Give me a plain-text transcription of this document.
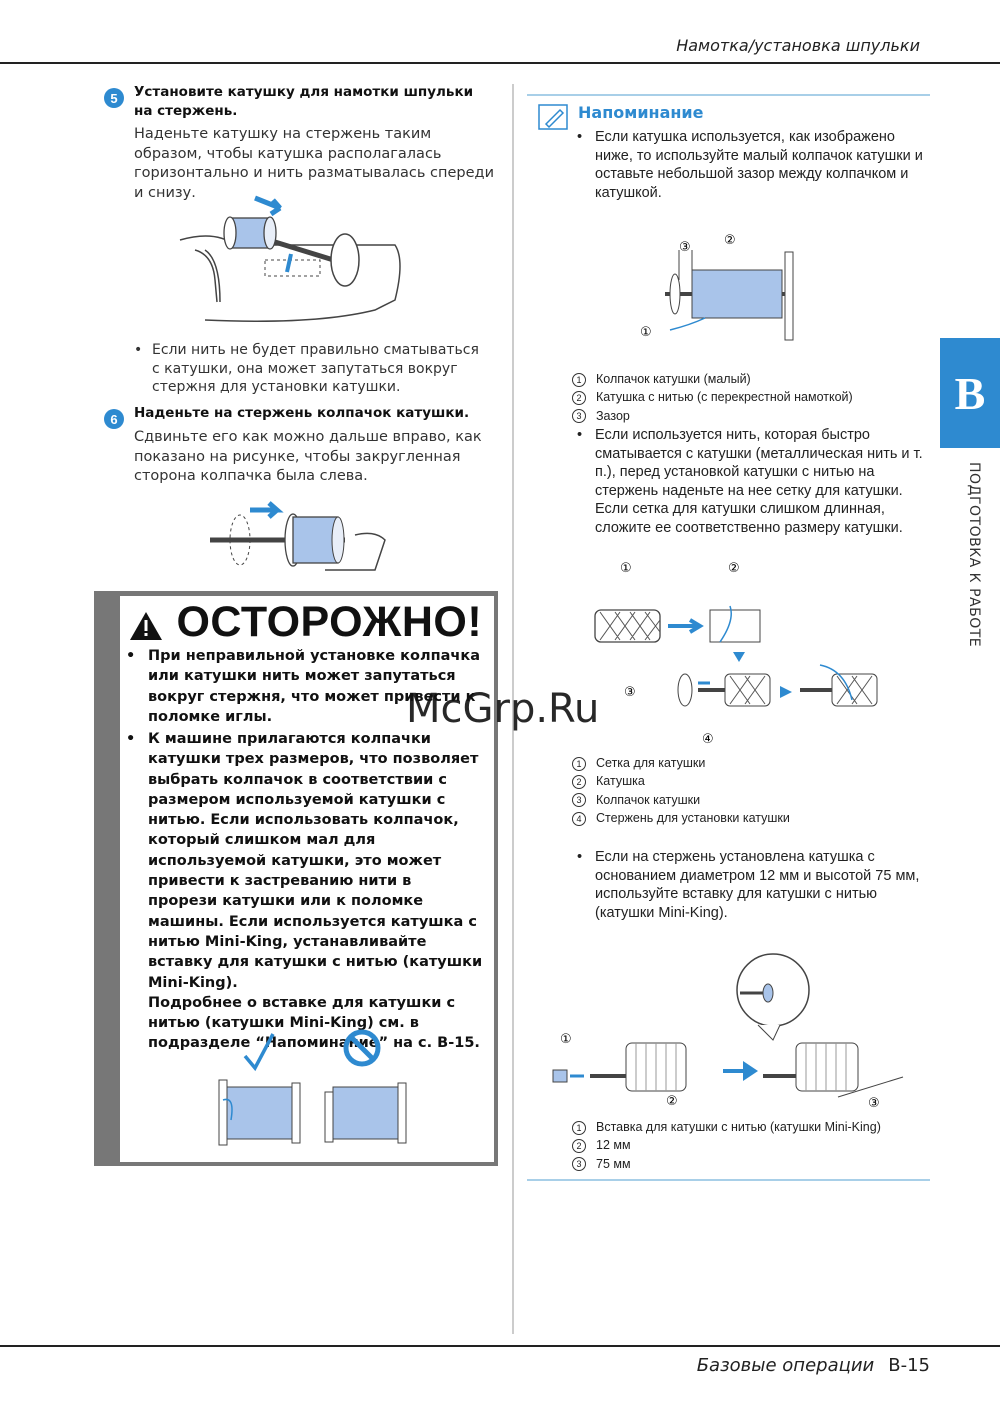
Намотка/установка шпульки
5	Установите катушку для намотки шпульки на стержень.
Наденьте катушку на стержень таким образом, чтобы катушка располагалась горизонтально и нить разматывалась спереди и снизу.
• Если нить не будет правильно сматываться с катушки, она может запутаться вокруг стержня для установки катушки.
6	Наденьте на стержень колпачок катушки.
Сдвиньте его как можно дальше вправо, как показано на рисунке, чтобы закругленная сторона колпачка была слева.
ОСТОРОЖНО!
• При неправильной установке колпачка или катушки нить может запутаться вокруг стержня, что может привести к поломке иглы.
• К машине прилагаются колпачки катушки трех размеров, что позволяет выбрать колпачок в соответствии с размером используемой катушки с нитью. Если использовать колпачок, который слишком мал для используемой катушки, это может привести к застреванию нити в прорези катушки или к поломке машины. Если используется катушка с нитью Mini-King, устанавливайте вставку для катушки с нитью (катушки Mini-King).
Подробнее о вставке для катушки с нитью (катушки Mini-King) см. в подразделе “Напоминание” на с. B-15.
McGrp.Ru
Напоминание
• Если катушка используется, как изображено ниже, то используйте малый колпачок катушки и оставьте небольшой зазор между колпачком и катушкой.
③	②
①
1 Колпачок катушки (малый)
2 Катушка с нитью (с перекрестной намоткой)
3 Зазор
• Если используется нить, которая быстро сматывается с катушки (металлическая нить и т. п.), перед установкой катушки с нитью на стержень наденьте на нее сетку для катушки. Если сетка для катушки слишком длинная, сложите ее соответственно размеру катушки.
①	②
③
④
1 Сетка для катушки
2 Катушка
3 Колпачок катушки
4 Стержень для установки катушки
• Если на стержень установлена катушка с основанием диаметром 12 мм и высотой 75 мм, используйте вставку для катушки с нитью (катушки Mini-King).
①
②	③
1 Вставка для катушки с нитью (катушки Mini-King)
2 12 мм
3 75 мм
B
ПОДГОТОВКА К РАБОТЕ
Базовые операции B-15
